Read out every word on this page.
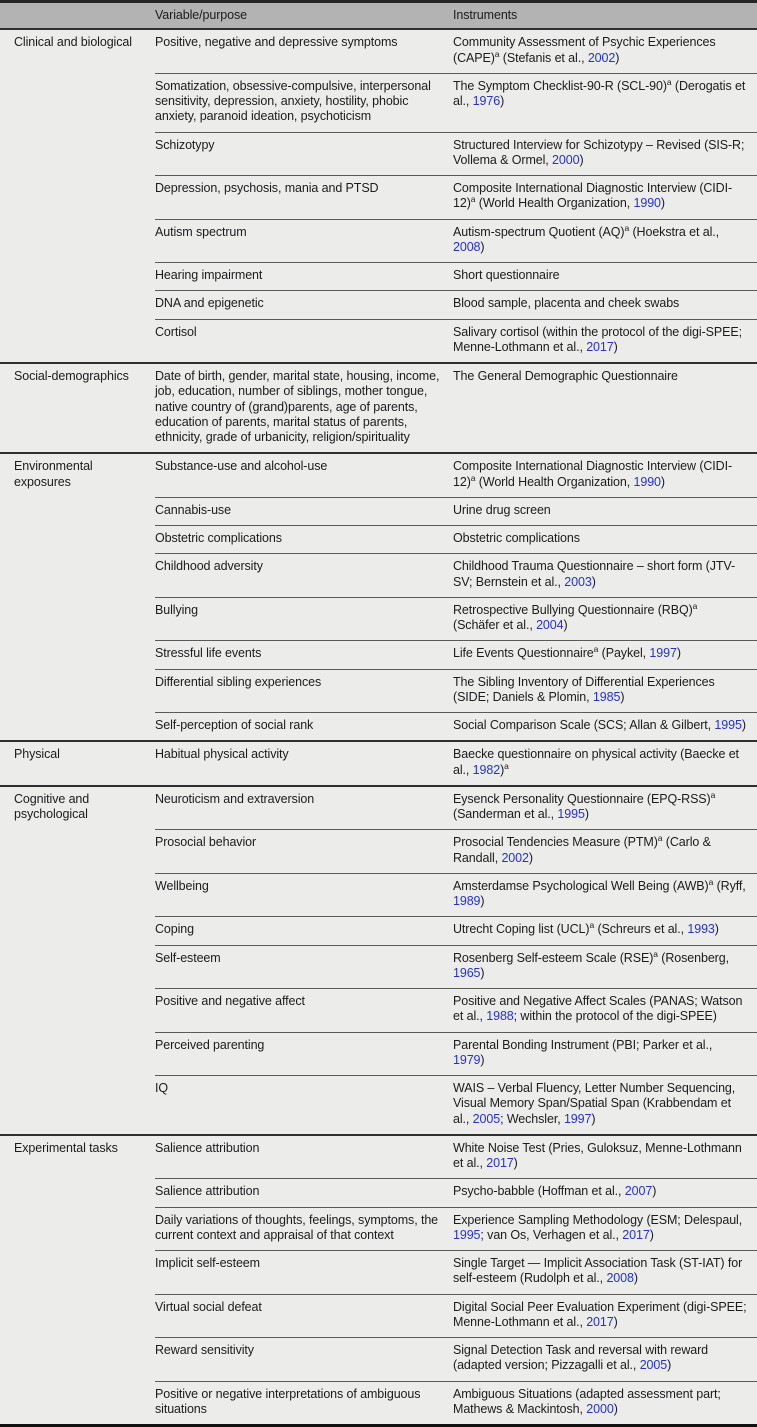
	Variable/purpose	Instruments
Clinical and biological	Positive, negative and depressive symptoms	Community Assessment of Psychic Experiences (CAPE)$^a$ (Stefanis et al., 2002)
	Somatization, obsessive-compulsive, interpersonal sensitivity, depression, anxiety, hostility, phobic anxiety, paranoid ideation, psychoticism	The Symptom Checklist-90-R $(SCL-90)^a$ (Derogatis et al., 1976)
	Schizotypy	Structured Interview for Schizotypy – Revised (SIS-R; Vollema & Ormel, 2000)
	Depression, psychosis, mania and PTSD	Composite International Diagnostic Interview (CIDI-12)$^a$ (World Health Organization, 1990)
	Autism spectrum	Autism-spectrum Quotient (AQ)$^a$ (Hoekstra et al., 2008)
	Hearing impairment	Short questionnaire
	DNA and epigenetic	Blood sample, placenta and cheek swabs
	Cortisol	Salivary cortisol (within the protocol of the digi-SPEE; Menne-Lothmann et al., 2017)
Social-demographics	Date of birth, gender, marital state, housing, income, job, education, number of siblings, mother tongue, native country of (grand)parents, age of parents, education of parents, marital status of parents, ethnicity, grade of urbanicity, religion/spirituality	The General Demographic Questionnaire
Environmental exposures	Substance-use and alcohol-use	Composite International Diagnostic Interview (CIDI-12)$^a$ (World Health Organization, 1990)
	Cannabis-use	Urine drug screen
	Obstetric complications	Obstetric complications
	Childhood adversity	Childhood Trauma Questionnaire – short form (JTV-SV; Bernstein et al., 2003)
	Bullying	Retrospective Bullying Questionnaire (RBQ)$^a$ (Schäfer et al., 2004)
	Stressful life events	Life Events Questionnaire$^a$ (Paykel, 1997)
	Differential sibling experiences	The Sibling Inventory of Differential Experiences (SIDE; Daniels & Plomin, 1985)
	Self-perception of social rank	Social Comparison Scale (SCS; Allan & Gilbert, 1995)
Physical	Habitual physical activity	Baecke questionnaire on physical activity (Baecke et al., 1982)$^a$
Cognitive and psychological	Neuroticism and extraversion	Eysenck Personality Questionnaire $(EPQ-RSS)^a$ (Sanderman et al., 1995)
	Prosocial behavior	Prosocial Tendencies Measure (PTM)$^a$ (Carlo & Randall, 2002)
	Wellbeing	Amsterdamse Psychological Well Being (AWB)$^a$ (Ryff, 1989)
	Coping	Utrecht Coping list (UCL)$^a$ (Schreurs et al., 1993)
	Self-esteem	Rosenberg Self-esteem Scale (RSE)$^a$ (Rosenberg, 1965)
	Positive and negative affect	Positive and Negative Affect Scales (PANAS; Watson et al., 1988; within the protocol of the digi-SPEE)
	Perceived parenting	Parental Bonding Instrument (PBI; Parker et al., 1979)
	IQ	WAIS – Verbal Fluency, Letter Number Sequencing, Visual Memory Span/Spatial Span (Krabbendam et al., 2005; Wechsler, 1997)
Experimental tasks	Salience attribution	White Noise Test (Pries, Guloksuz, Menne-Lothmann et al., 2017)
	Salience attribution	Psycho-babble (Hoffman et al., 2007)
	Daily variations of thoughts, feelings, symptoms, the current context and appraisal of that context	Experience Sampling Methodology (ESM; Delespaul, 1995; van Os, Verhagen et al., 2017)
	Implicit self-esteem	Single Target — Implicit Association Task (ST-IAT) for self-esteem (Rudolph et al., 2008)
	Virtual social defeat	Digital Social Peer Evaluation Experiment (digi-SPEE; Menne-Lothmann et al., 2017)
	Reward sensitivity	Signal Detection Task and reversal with reward (adapted version; Pizzagalli et al., 2005)
	Positive or negative interpretations of ambiguous situations	Ambiguous Situations (adapted assessment part; Mathews & Mackintosh, 2000)
